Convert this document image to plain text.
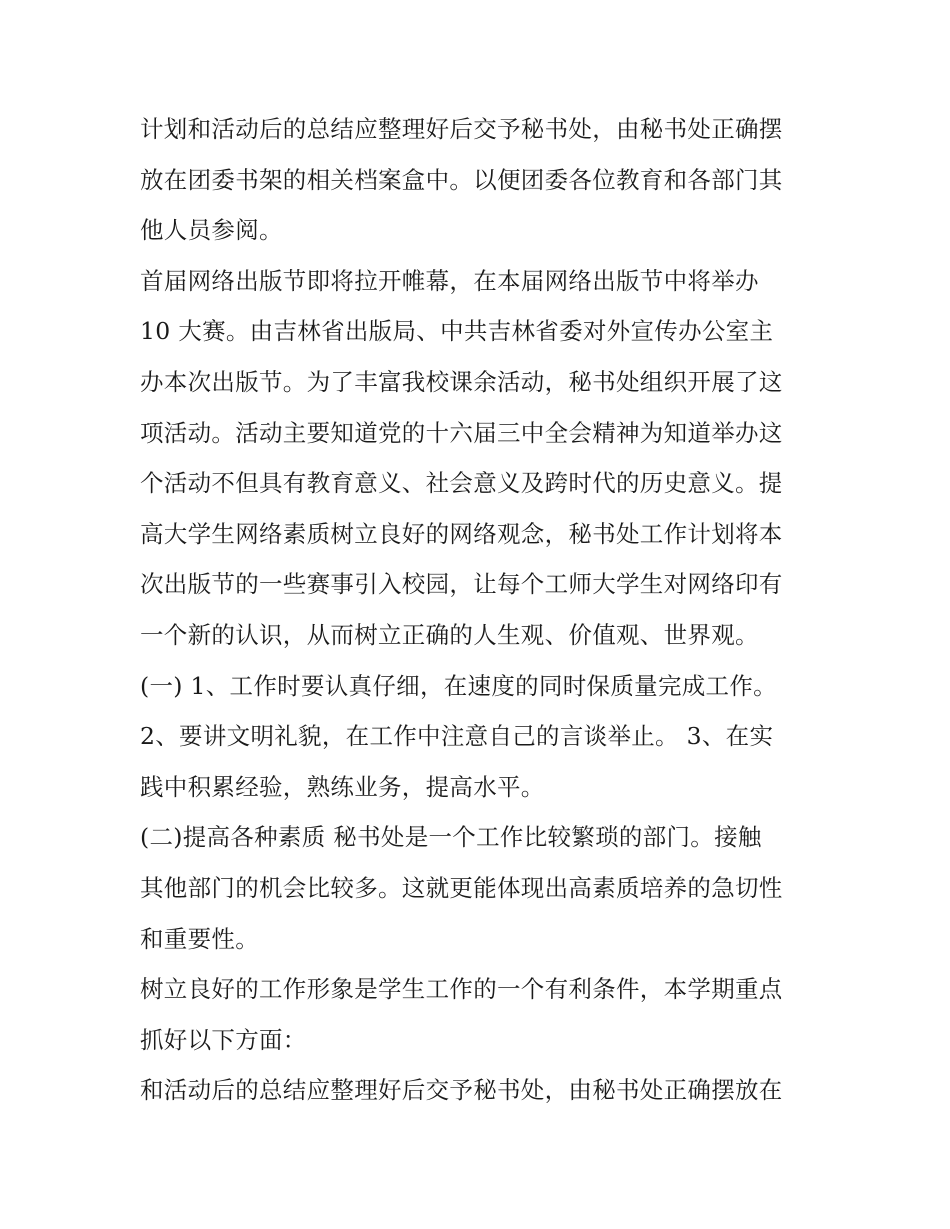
计划和活动后的总结应整理好后交予秘书处，由秘书处正确摆
放在团委书架的相关档案盒中。以便团委各位教育和各部门其
他人员参阅。
首届网络出版节即将拉开帷幕，在本届网络出版节中将举办
10 大赛。由吉林省出版局、中共吉林省委对外宣传办公室主
办本次出版节。为了丰富我校课余活动，秘书处组织开展了这
项活动。活动主要知道党的十六届三中全会精神为知道举办这
个活动不但具有教育意义、社会意义及跨时代的历史意义。提
高大学生网络素质树立良好的网络观念，秘书处工作计划将本
次出版节的一些赛事引入校园，让每个工师大学生对网络印有
一个新的认识，从而树立正确的人生观、价值观、世界观。
(一) 1、工作时要认真仔细，在速度的同时保质量完成工作。
2、要讲文明礼貌，在工作中注意自己的言谈举止。 3、在实
践中积累经验，熟练业务，提高水平。
(二)提高各种素质 秘书处是一个工作比较繁琐的部门。接触
其他部门的机会比较多。这就更能体现出高素质培养的急切性
和重要性。
树立良好的工作形象是学生工作的一个有利条件，本学期重点
抓好以下方面：
和活动后的总结应整理好后交予秘书处，由秘书处正确摆放在
